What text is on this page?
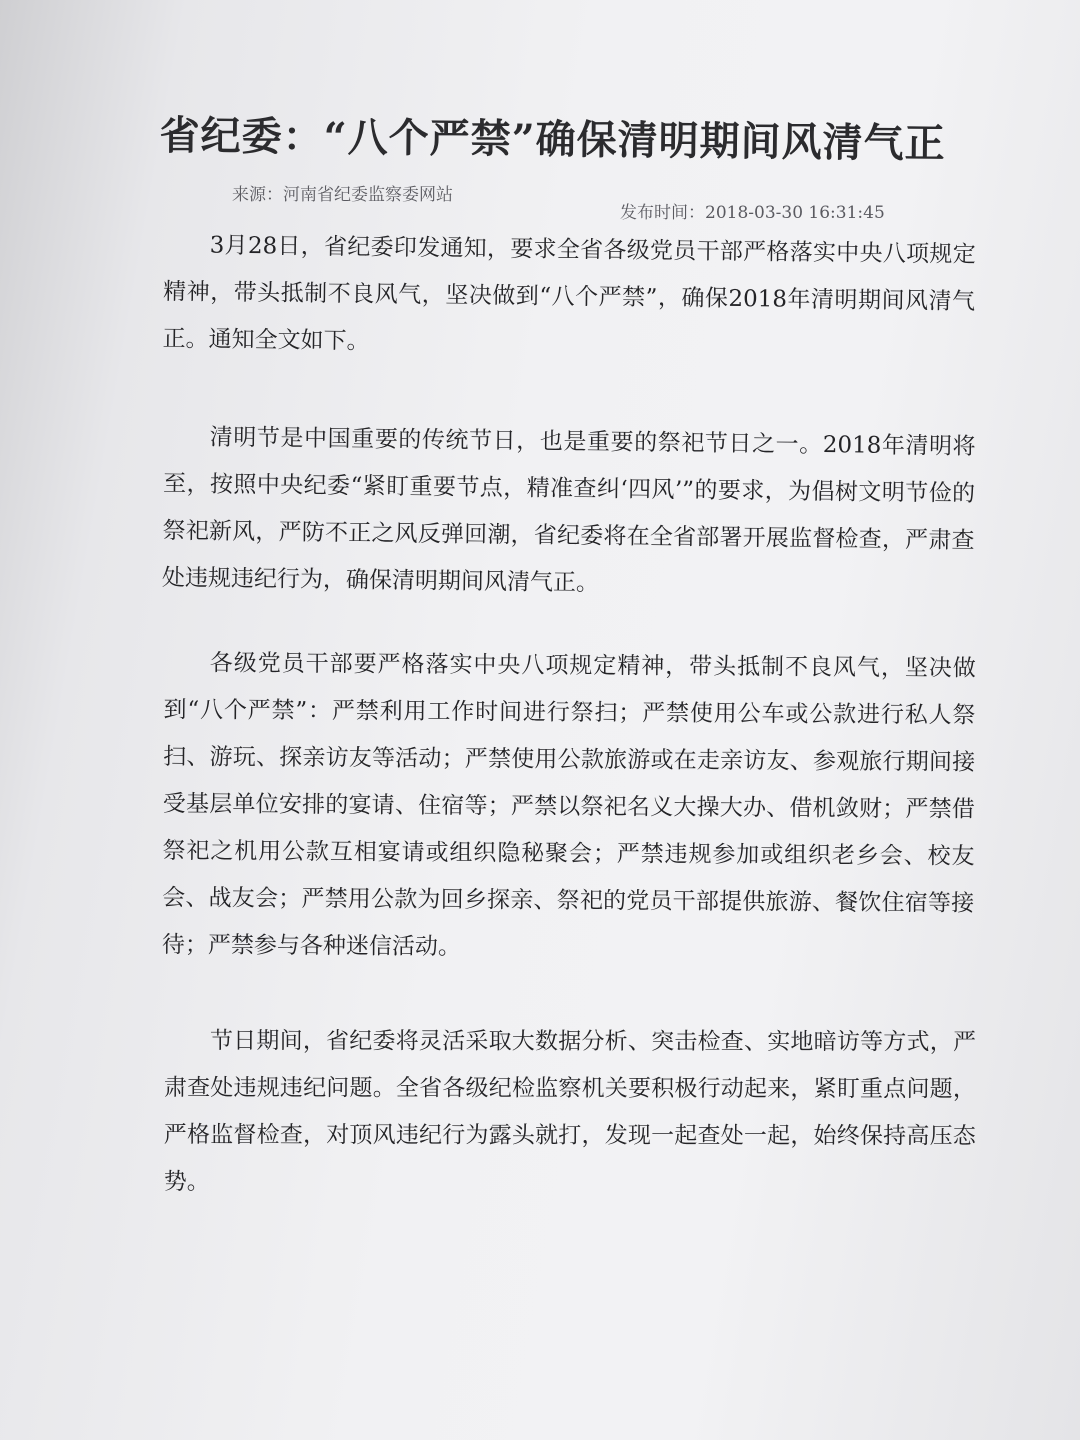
省纪委：“八个严禁”确保清明期间风清气正
来源：河南省纪委监察委网站
发布时间：2018-03-30 16:31:45
3月28日，省纪委印发通知，要求全省各级党员干部严格落实中央八项规定精神，带头抵制不良风气，坚决做到“八个严禁”，确保2018年清明期间风清气正。通知全文如下。
清明节是中国重要的传统节日，也是重要的祭祀节日之一。2018年清明将至，按照中央纪委“紧盯重要节点，精准查纠‘四风’”的要求，为倡树文明节俭的祭祀新风，严防不正之风反弹回潮，省纪委将在全省部署开展监督检查，严肃查处违规违纪行为，确保清明期间风清气正。
各级党员干部要严格落实中央八项规定精神，带头抵制不良风气，坚决做到“八个严禁”：严禁利用工作时间进行祭扫；严禁使用公车或公款进行私人祭扫、游玩、探亲访友等活动；严禁使用公款旅游或在走亲访友、参观旅行期间接受基层单位安排的宴请、住宿等；严禁以祭祀名义大操大办、借机敛财；严禁借祭祀之机用公款互相宴请或组织隐秘聚会；严禁违规参加或组织老乡会、校友会、战友会；严禁用公款为回乡探亲、祭祀的党员干部提供旅游、餐饮住宿等接待；严禁参与各种迷信活动。
节日期间，省纪委将灵活采取大数据分析、突击检查、实地暗访等方式，严肃查处违规违纪问题。全省各级纪检监察机关要积极行动起来，紧盯重点问题，严格监督检查，对顶风违纪行为露头就打，发现一起查处一起，始终保持高压态势。
